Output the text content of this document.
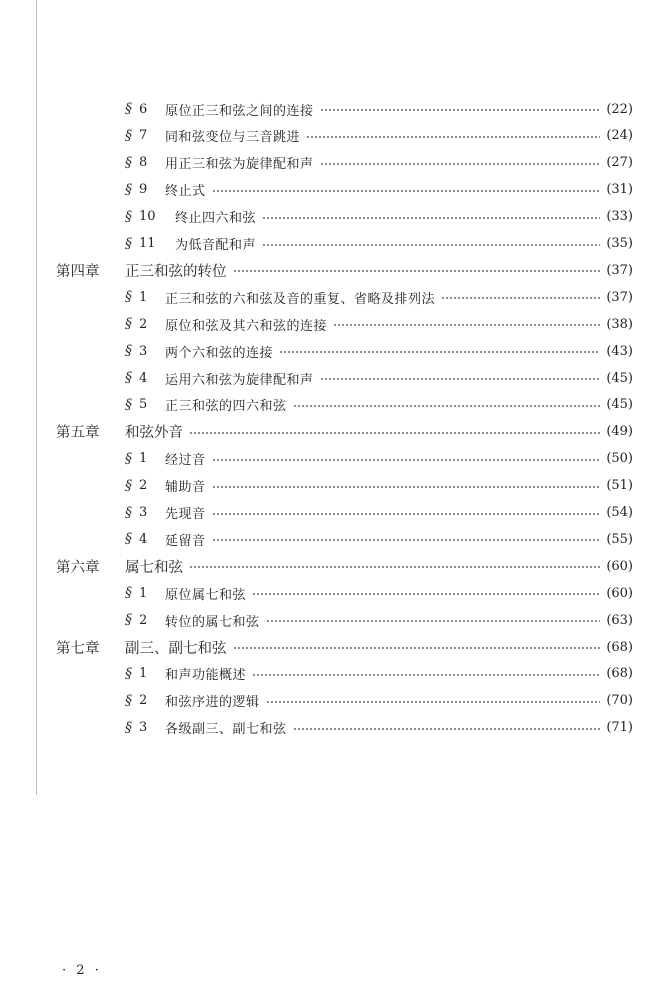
§ 6 原位正三和弦之间的连接	(22)
§ 7 同和弦变位与三音跳进	(24)
§ 8 用正三和弦为旋律配和声	(27)
§ 9 终止式	(31)
§ 10 终止四六和弦	(33)
§ 11 为低音配和声	(35)
第四章 正三和弦的转位	(37)
§ 1 正三和弦的六和弦及音的重复、省略及排列法	(37)
§ 2 原位和弦及其六和弦的连接	(38)
§ 3 两个六和弦的连接	(43)
§ 4 运用六和弦为旋律配和声	(45)
§ 5 正三和弦的四六和弦	(45)
第五章 和弦外音	(49)
§ 1 经过音	(50)
§ 2 辅助音	(51)
§ 3 先现音	(54)
§ 4 延留音	(55)
第六章 属七和弦	(60)
§ 1 原位属七和弦	(60)
§ 2 转位的属七和弦	(63)
第七章 副三、副七和弦	(68)
§ 1 和声功能概述	(68)
§ 2 和弦序进的逻辑	(70)
§ 3 各级副三、副七和弦	(71)
· 2 ·
